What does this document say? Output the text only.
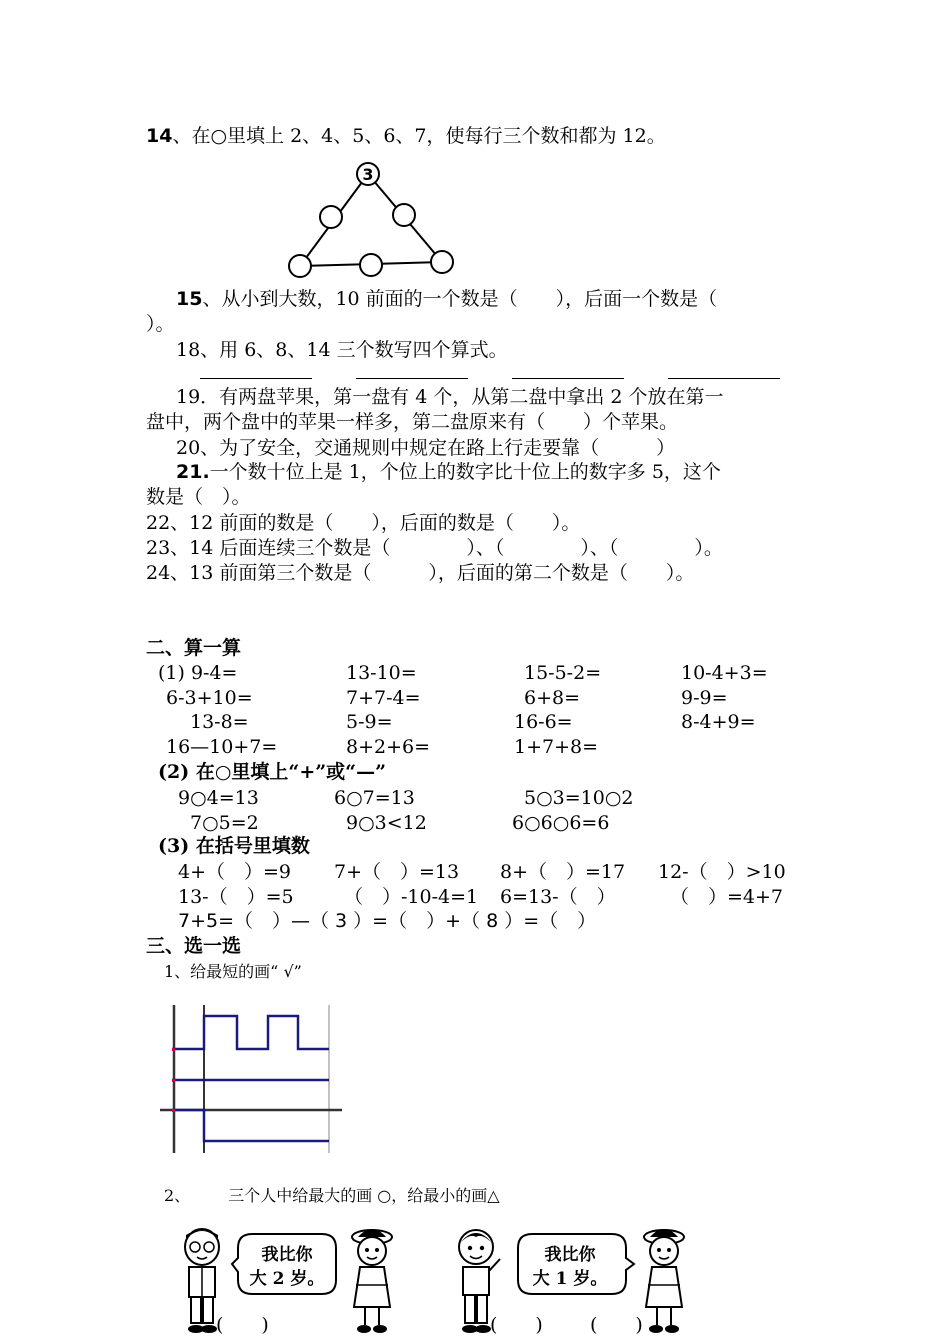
14、在○里填上 2、4、5、6、7，使每行三个数和都为 12。
3
15、从小到大数，10 前面的一个数是（　　），后面一个数是（
）。
18、用 6、8、14 三个数写四个算式。
19．有两盘苹果，第一盘有 4 个，从第二盘中拿出 2 个放在第一
盘中，两个盘中的苹果一样多，第二盘原来有（　　）个苹果。
20、为了安全，交通规则中规定在路上行走要靠（　　　）
21.一个数十位上是 1，个位上的数字比十位上的数字多 5，这个
数是（　）。
22、12 前面的数是（　　），后面的数是（　　）。
23、14 后面连续三个数是（　　　　）、（　　　　）、（　　　　）。
24、13 前面第三个数是（　　　），后面的第二个数是（　　）。
二、算一算
(1) 9-4=	13-10=	15-5-2=	10-4+3=
6-3+10=	7+7-4=	6+8=	9-9=
13-8=	5-9=	16-6=	8-4+9=
16—10+7=	8+2+6=	1+7+8=
(2) 在○里填上“+”或“—”
9○4=13	6○7=13	5○3=10○2
7○5=2	9○3<12	6○6○6=6
(3) 在括号里填数
4+（　）=9 7+（　）=13 8+（　）=17 12-（　）>10
13-（　）=5	（　）-10-4=1 6=13-（　）	（　）=4+7
7+5=（　）—（ 3 ）=（　）+（ 8 ）=（　）
三、选一选
1、给最短的画“ √”
2、 三个人中给最大的画 ○，给最小的画△
我比你
大 2 岁。
我比你
大 1 岁。
(　　)	(　　) (　　)
